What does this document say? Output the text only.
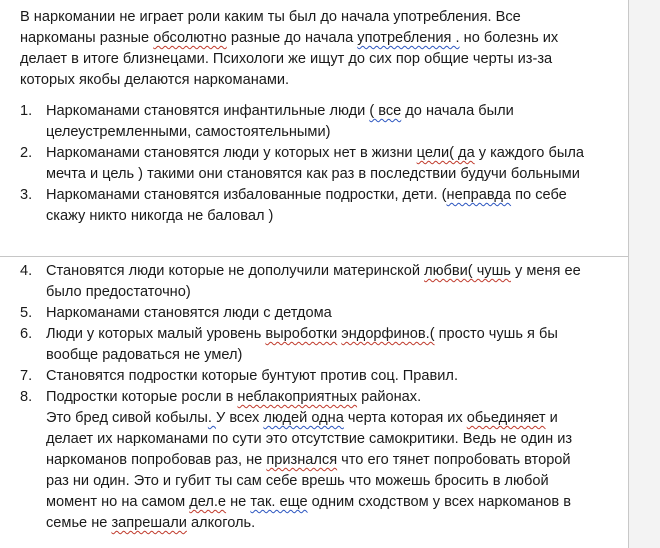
В наркомании не играет роли каким ты был до начала употребления. Все наркоманы разные обсолютно разные до начала употребления . но болезнь их делает в итоге близнецами. Психологи же ищут до сих пор общие черты из-за которых якобы делаются наркоманами.

1. Наркоманами становятся инфантильные люди ( все до начала были целеустремленными, самостоятельными)
2. Наркоманами становятся люди у которых нет в жизни цели( да у каждого была мечта и цель ) такими они становятся как раз в последствии будучи больными
3. Наркоманами становятся избалованные подростки, дети. (неправда по себе скажу никто никогда не баловал )
4. Становятся люди которые не дополучили материнской любви( чушь у меня ее было предостаточно)
5. Наркоманами становятся люди с детдома
6. Люди у которых малый уровень выроботки эндорфинов.( просто чушь я бы вообще радоваться не умел)
7. Становятся подростки которые бунтуют против соц. Правил.
8. Подростки которые росли в неблакоприятных районах.
Это бред сивой кобылы. У всех людей одна черта которая их обьединяет и делает их наркоманами по сути это отсутствие самокритики. Ведь не один из наркоманов попробовав раз, не признался что его тянет попробовать второй раз ни один. Это и губит ты сам себе врешь что можешь бросить в любой момент но на самом дел.е не так. еще одним сходством у всех наркоманов в семье не запрешали алкоголь.
